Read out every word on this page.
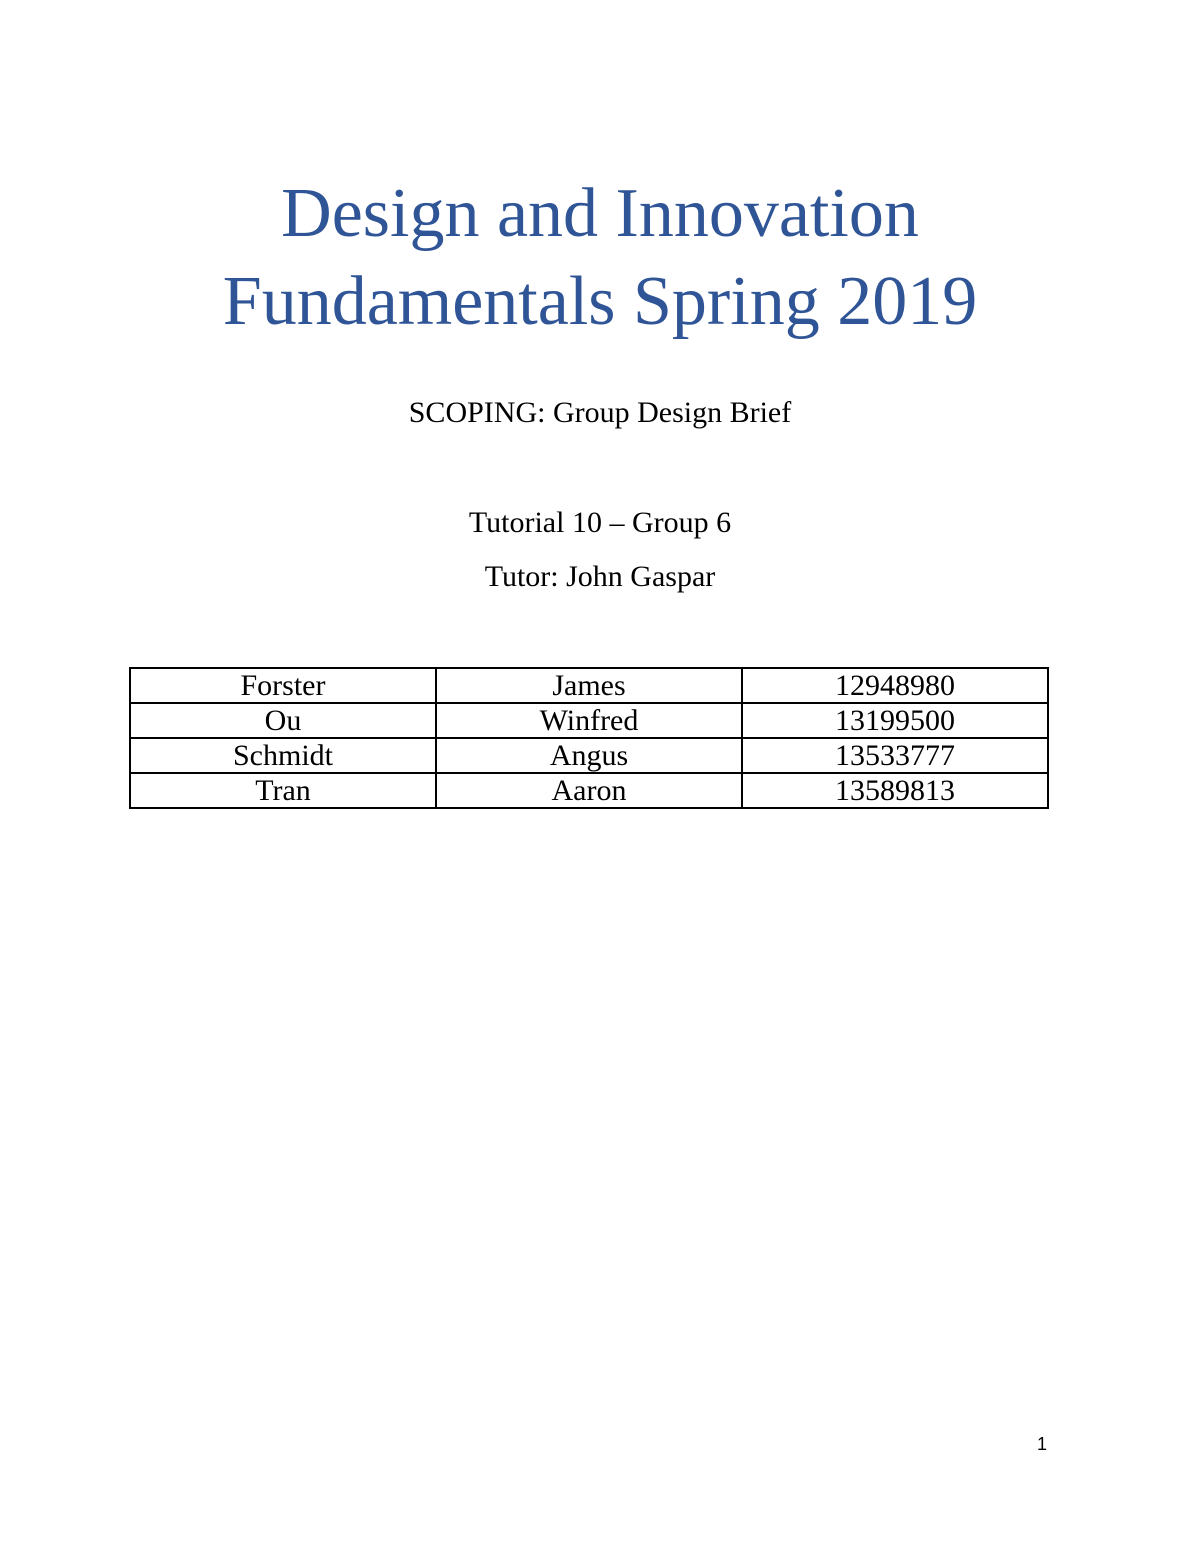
Design and Innovation
Fundamentals Spring 2019
SCOPING: Group Design Brief
Tutorial 10 – Group 6
Tutor: John Gaspar
Forster	James	12948980
Ou	Winfred	13199500
Schmidt	Angus	13533777
Tran	Aaron	13589813
1
